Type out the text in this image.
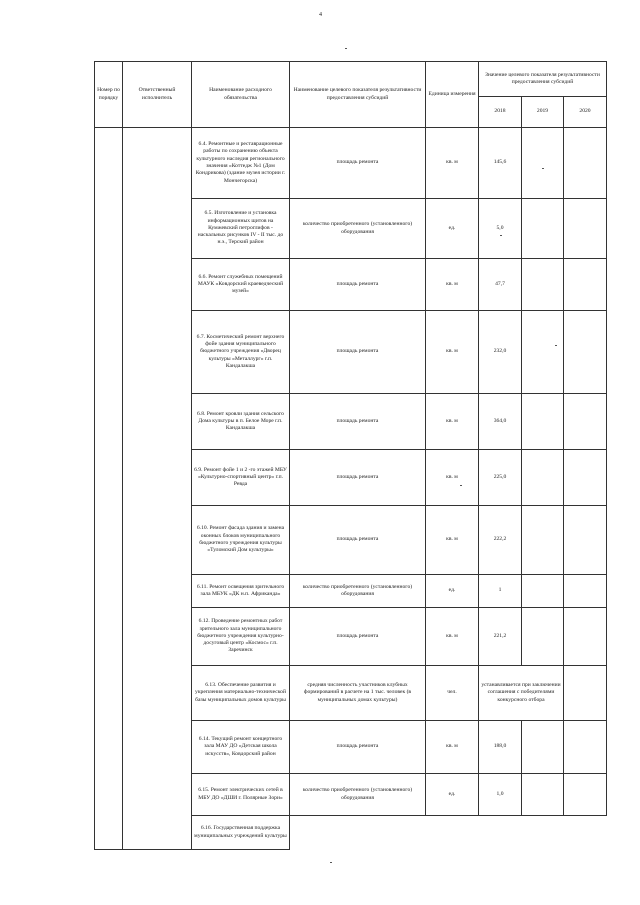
4
Номер по порядку	Ответственный исполнитель	Наименование расходного обязательства	Наименование целевого показателя результативности предоставления субсидий	Единица измерения	Значение целевого показателя результативности предоставления субсидий		
					2018	2019	2020
		6.4. Ремонтные и реставрационные работы по сохранению объекта культурного наследия регионального значения «Коттедж №1 (Дом Кондрикова) (здание музея истории г. Мончегорска)	площадь ремонта	кв. м	145,6		
		6.5. Изготовление и установка информационных щитов на Кумжевский петроглифов - наскальных рисунков IV - II тыс. до н.э., Терский район	количество приобретенного (установленного) оборудования	ед.	5,0		
		6.6. Ремонт служебных помещений МАУК «Ковдорский краеведческий музей»	площадь ремонта	кв. м	47,7		
		6.7. Косметический ремонт верхнего фойе здания муниципального бюджетного учреждения «Дворец культуры «Металлург» г.п. Кандалакша	площадь ремонта	кв. м	232,0		
		6.8. Ремонт кровли здания сельского Дома культуры в п. Белое Море г.п. Кандалакша	площадь ремонта	кв. м	364,0		
		6.9. Ремонт фойе 1 и 2 -го этажей МБУ «Культурно-спортивный центр» г.п. Ревда	площадь ремонта	кв. м	225,0		
		6.10. Ремонт фасада здания и замена оконных блоков муниципального бюджетного учреждения культуры «Туломский Дом культуры»	площадь ремонта	кв. м	222,2		
		6.11. Ремонт освещения зрительного зала МБУК «ДК н.п. Африканда»	количество приобретенного (установленного) оборудования	ед.	1		
		6.12. Проведение ремонтных работ зрительного зала муниципального бюджетного учреждения культурно-досуговый центр «Космос» г.п. Заречинск	площадь ремонта	кв. м	221,2		
		6.13. Обеспечение развития и укрепления материально-технической базы муниципальных домов культуры	средняя численность участников клубных формирований в расчете на 1 тыс. человек (в муниципальных домах культуры)	чел.	устанавливается при заключении соглашения с победителями конкурсного отбора		
		6.14. Текущий ремонт концертного зала МАУ ДО «Детская школа искусств», Ковдорский район	площадь ремонта	кв. м	188,0		
		6.15. Ремонт электрических сетей в МБУ ДО «ДШИ г. Полярные Зори»	количество приобретенного (установленного) оборудования	ед.	1,0		
		6.16. Государственная поддержка муниципальных учреждений культуры					
